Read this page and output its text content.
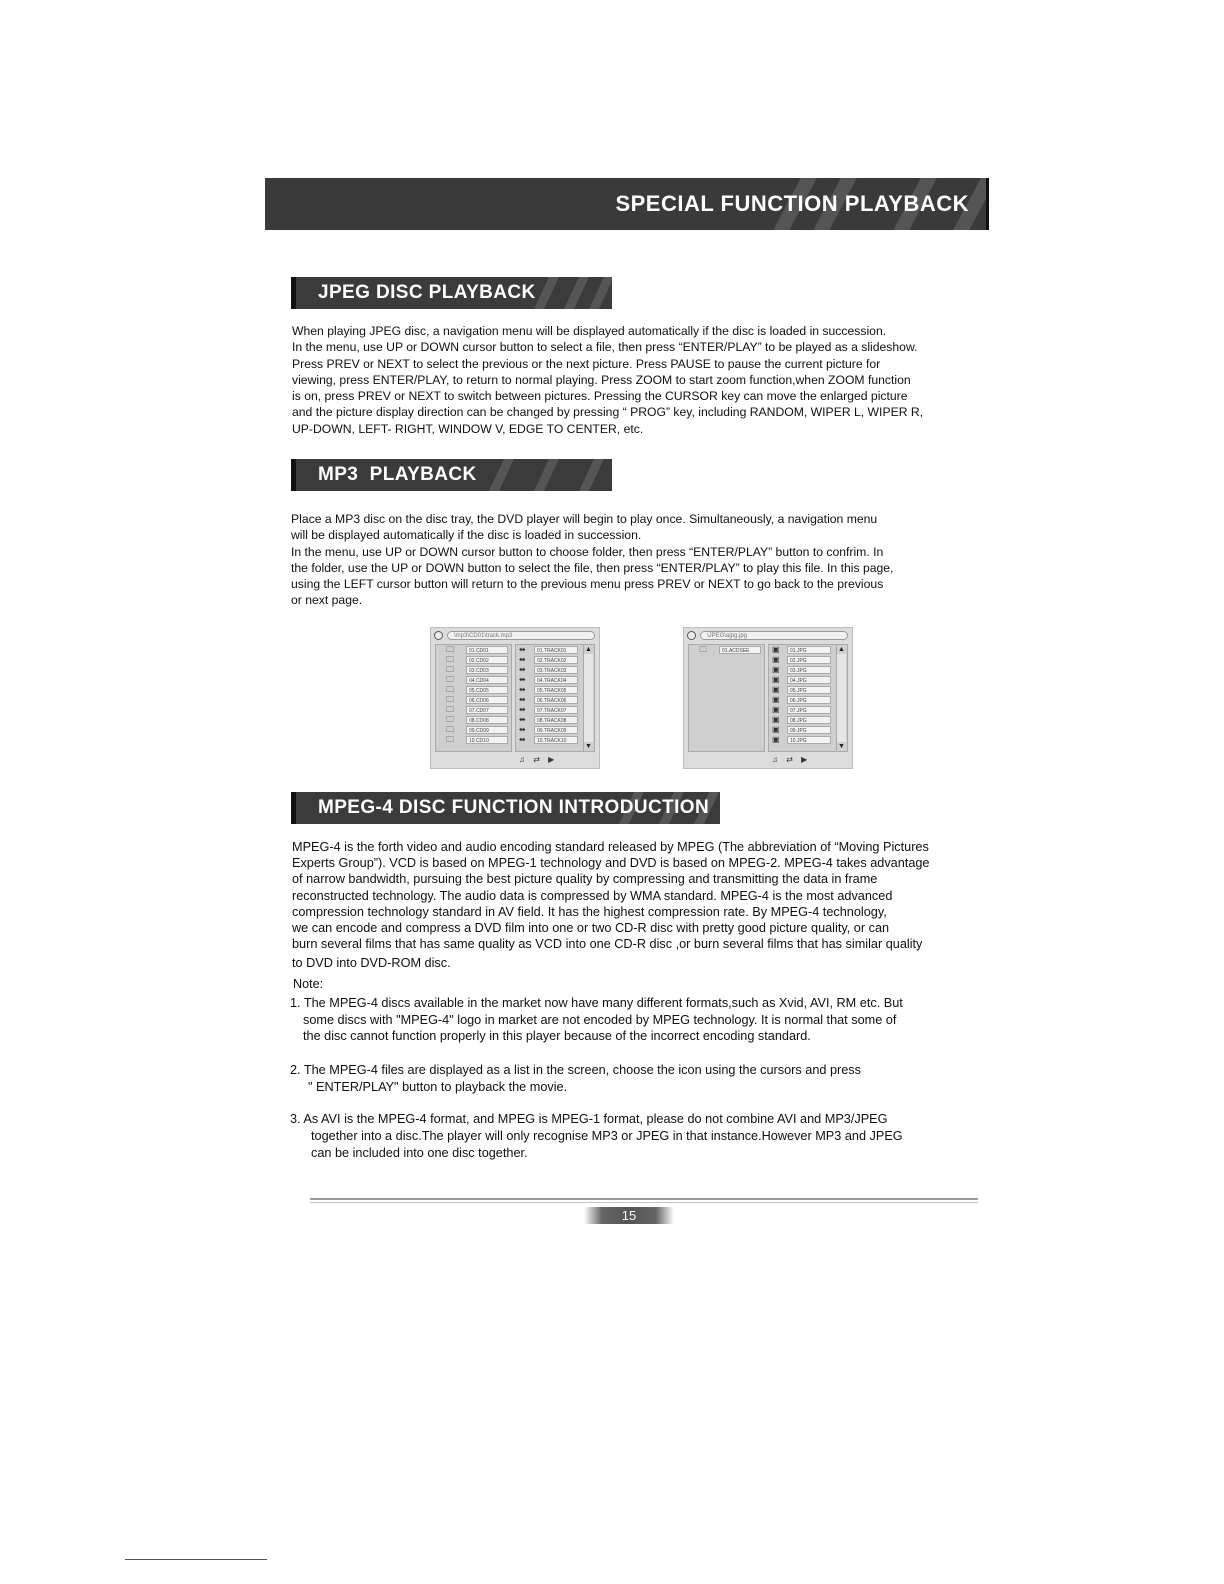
SPECIAL FUNCTION PLAYBACK
JPEG DISC PLAYBACK

When playing JPEG disc, a navigation menu will be displayed automatically if the disc is loaded in succession.

In the menu, use UP or DOWN cursor button to select a file, then press “ENTER/PLAY” to be played as a slideshow.

Press PREV or NEXT to select the previous or the next picture. Press PAUSE to pause the current picture for

viewing, press ENTER/PLAY, to return to normal playing. Press ZOOM to start zoom function,when ZOOM function

is on, press PREV or NEXT to switch between pictures. Pressing the CURSOR key can move the enlarged picture

and the picture display direction can be changed by pressing “ PROG” key, including RANDOM, WIPER L, WIPER R,

UP-DOWN, LEFT- RIGHT, WINDOW V, EDGE TO CENTER, etc.

MP3  PLAYBACK

Place a MP3 disc on the disc tray, the DVD player will begin to play once. Simultaneously, a navigation menu

will be displayed automatically if the disc is loaded in succession.

In the menu, use UP or DOWN cursor button to choose folder, then press “ENTER/PLAY” button to confrim. In

the folder, use the UP or DOWN button to select the file, then press “ENTER/PLAY” to play this file. In this page,

using the LEFT cursor button will return to the previous menu press PREV or NEXT to go back to the previous

or next page.

\mp3\CD01\track.mp3
🗀	01.CD01
🗀	02.CD02
🗀	03.CD03
🗀	04.CD04
🗀	05.CD05
🗀	06.CD06
🗀	07.CD07
🗀	08.CD08
🗀	09.CD09
🗀	10.CD10
⬌	01.TRACK01
⬌	02.TRACK02
⬌	03.TRACK03
⬌	04.TRACK04
⬌	05.TRACK05
⬌	06.TRACK06
⬌	07.TRACK07
⬌	08.TRACK08
⬌	09.TRACK09
⬌	10.TRACK10
▲
▼
♫ ⇄ ▶
\JPEG\ajpg.jpg
🗀	01.ACDSEE	▣	01.JPG
▣	02.JPG
▣	03.JPG
▣	04.JPG
▣	05.JPG
▣	06.JPG
▣	07.JPG
▣	08.JPG
▣	09.JPG
▣	10.JPG
▲
▼
♫ ⇄ ▶
MPEG-4 DISC FUNCTION INTRODUCTION

MPEG-4 is the forth video and audio encoding standard released by MPEG (The abbreviation of “Moving Pictures

Experts Group”). VCD is based on MPEG-1 technology and DVD is based on MPEG-2. MPEG-4 takes advantage

of narrow bandwidth, pursuing the best picture quality by compressing and transmitting the data in frame

reconstructed technology. The audio data is compressed by WMA standard. MPEG-4 is the most advanced

compression technology standard in AV field. It has the highest compression rate. By MPEG-4 technology,

we can encode and compress a DVD film into one or two CD-R disc with pretty good picture quality, or can

burn several films that has same quality as VCD into one CD-R disc ,or burn several films that has similar quality

to DVD into DVD-ROM disc.

Note:

1. The MPEG-4 discs available in the market now have many different formats,such as Xvid, AVI, RM etc. But

some discs with "MPEG-4" logo in market are not encoded by MPEG technology. It is normal that some of

the disc cannot function properly in this player because of the incorrect encoding standard.

2. The MPEG-4 files are displayed as a list in the screen, choose the icon using the cursors and press

" ENTER/PLAY" button to playback the movie.

3. As AVI is the MPEG-4 format, and MPEG is MPEG-1 format, please do not combine AVI and MP3/JPEG

together into a disc.The player will only recognise MP3 or JPEG in that instance.However MP3 and JPEG

can be included into one disc together.

15
